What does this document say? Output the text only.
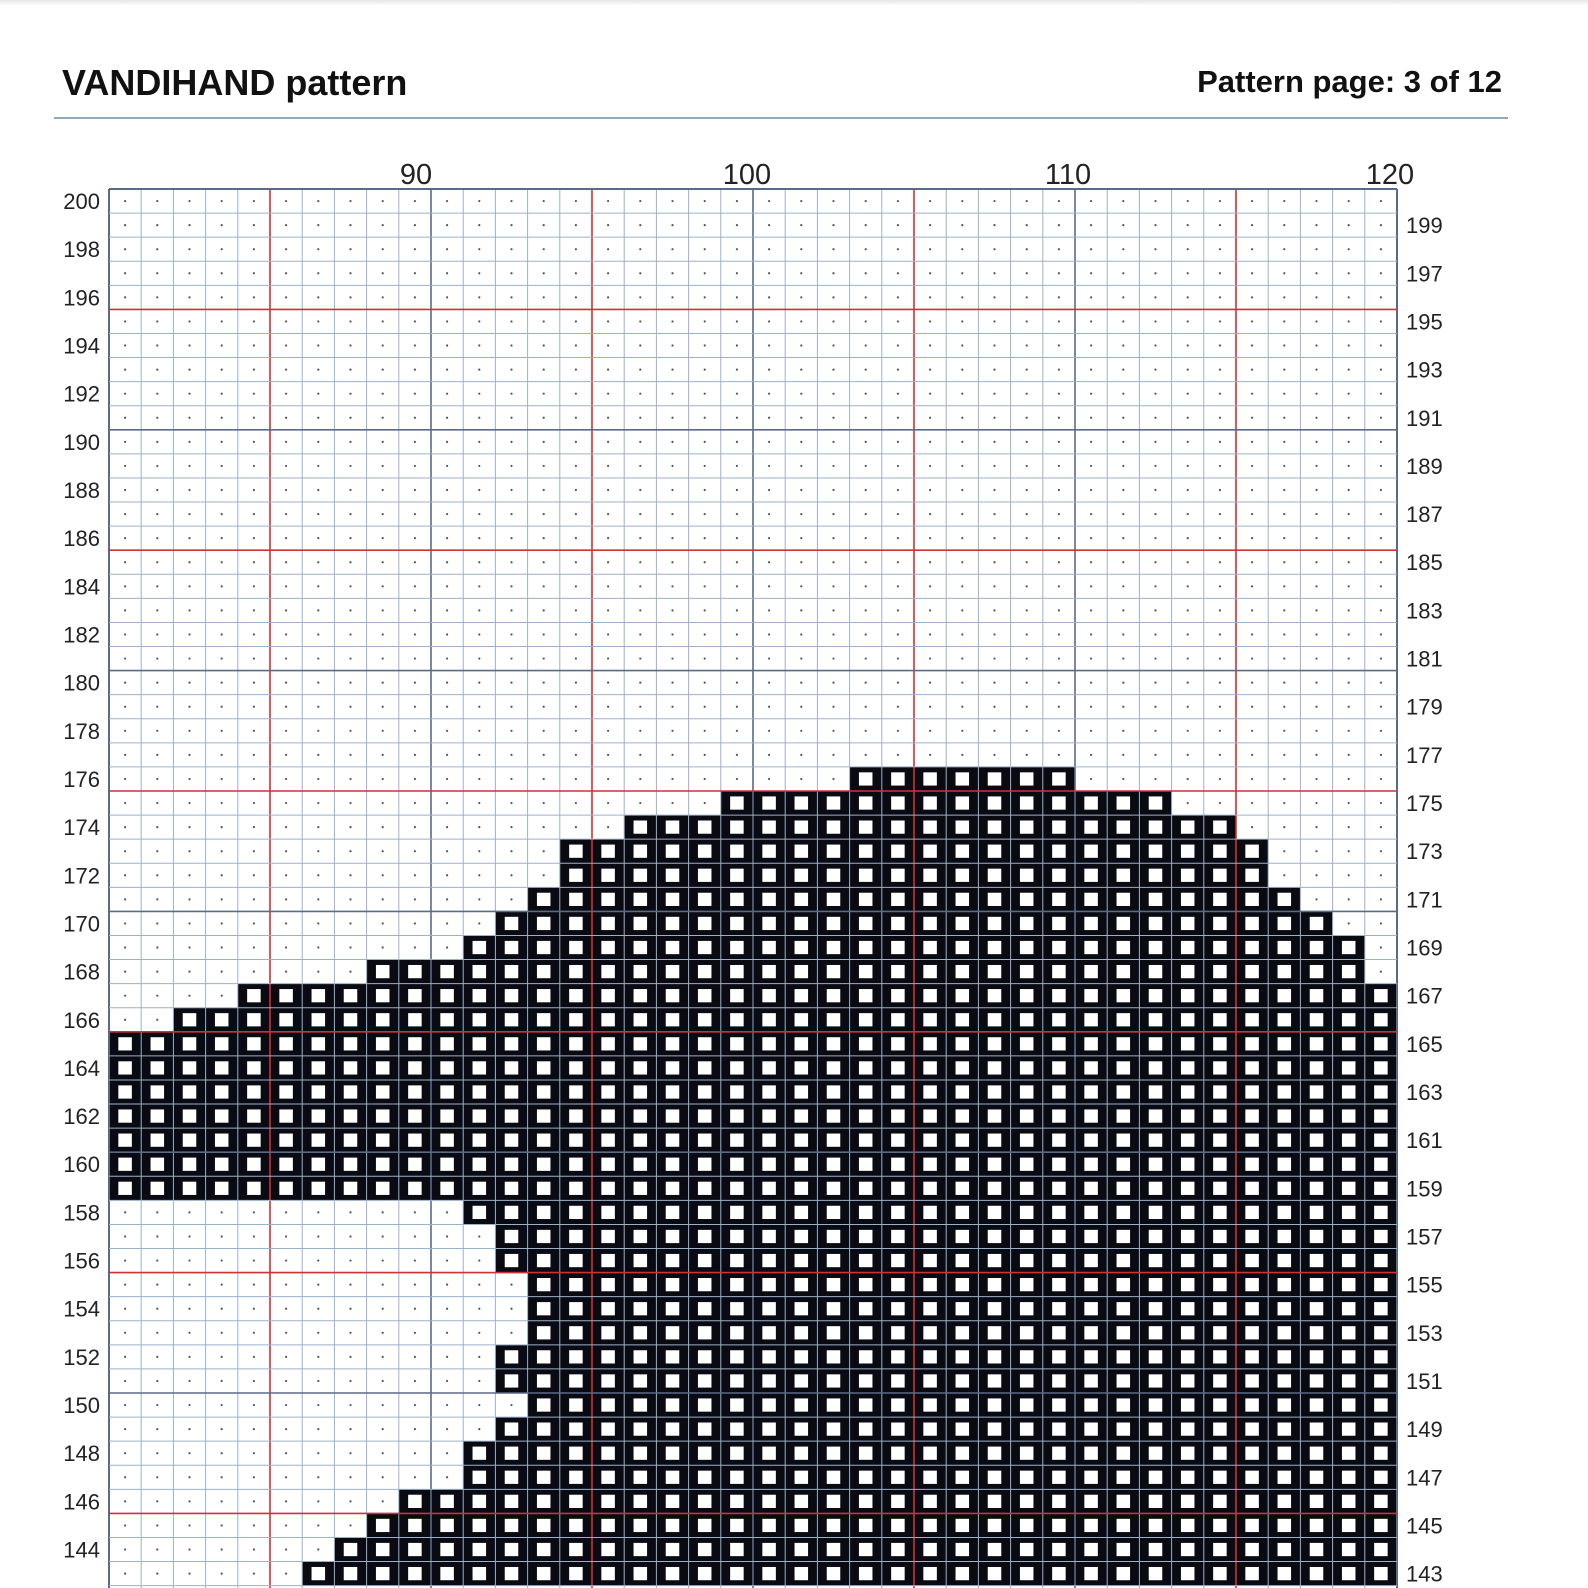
VANDIHAND pattern	Pattern page: 3 of 12
90	100	110	120
200
198
196
194
192
190
188
186
184
182
180
178
176
174
172
170
168
166
164
162
160
158
156
154
152
150
148
146
144
199
197
195
193
191
189
187
185
183
181
179
177
175
173
171
169
167
165
163
161
159
157
155
153
151
149
147
145
143
